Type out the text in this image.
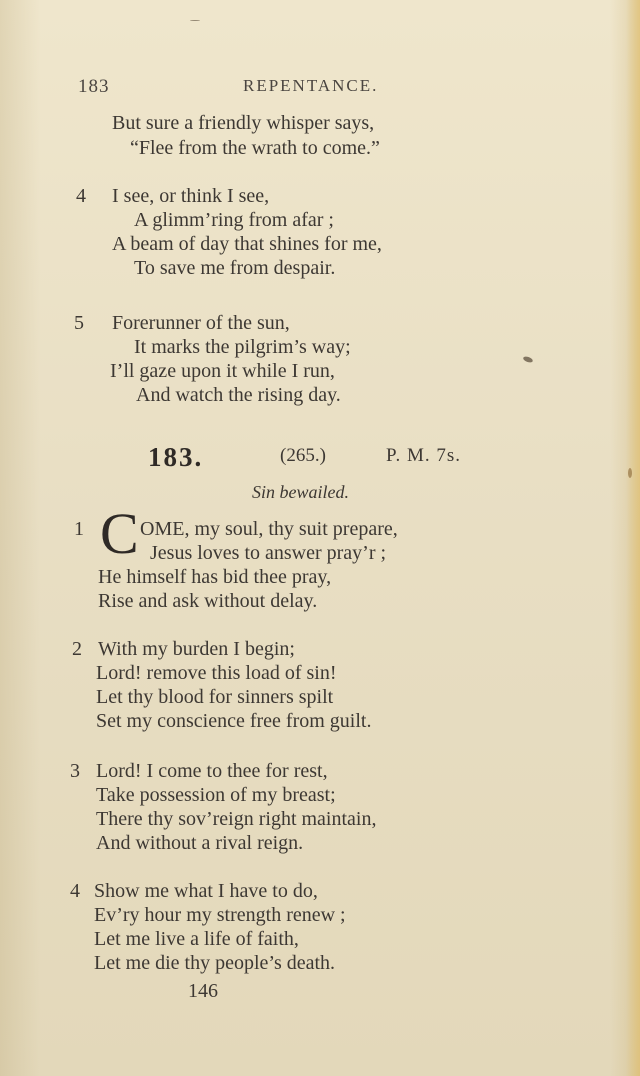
183	REPENTANCE.
But sure a friendly whisper says,
“Flee from the wrath to come.”
4 I see, or think I see,
A glimm’ring from afar ;
A beam of day that shines for me,
To save me from despair.
5 Forerunner of the sun,
It marks the pilgrim’s way;
I’ll gaze upon it while I run,
And watch the rising day.
183.	(265.)	P. M. 7s.
Sin bewailed.
1 C OME, my soul, thy suit prepare,
Jesus loves to answer pray’r ;
He himself has bid thee pray,
Rise and ask without delay.
2 With my burden I begin;
Lord! remove this load of sin!
Let thy blood for sinners spilt
Set my conscience free from guilt.
3 Lord! I come to thee for rest,
Take possession of my breast;
There thy sov’reign right maintain,
And without a rival reign.
4 Show me what I have to do,
Ev’ry hour my strength renew ;
Let me live a life of faith,
Let me die thy people’s death.
146
